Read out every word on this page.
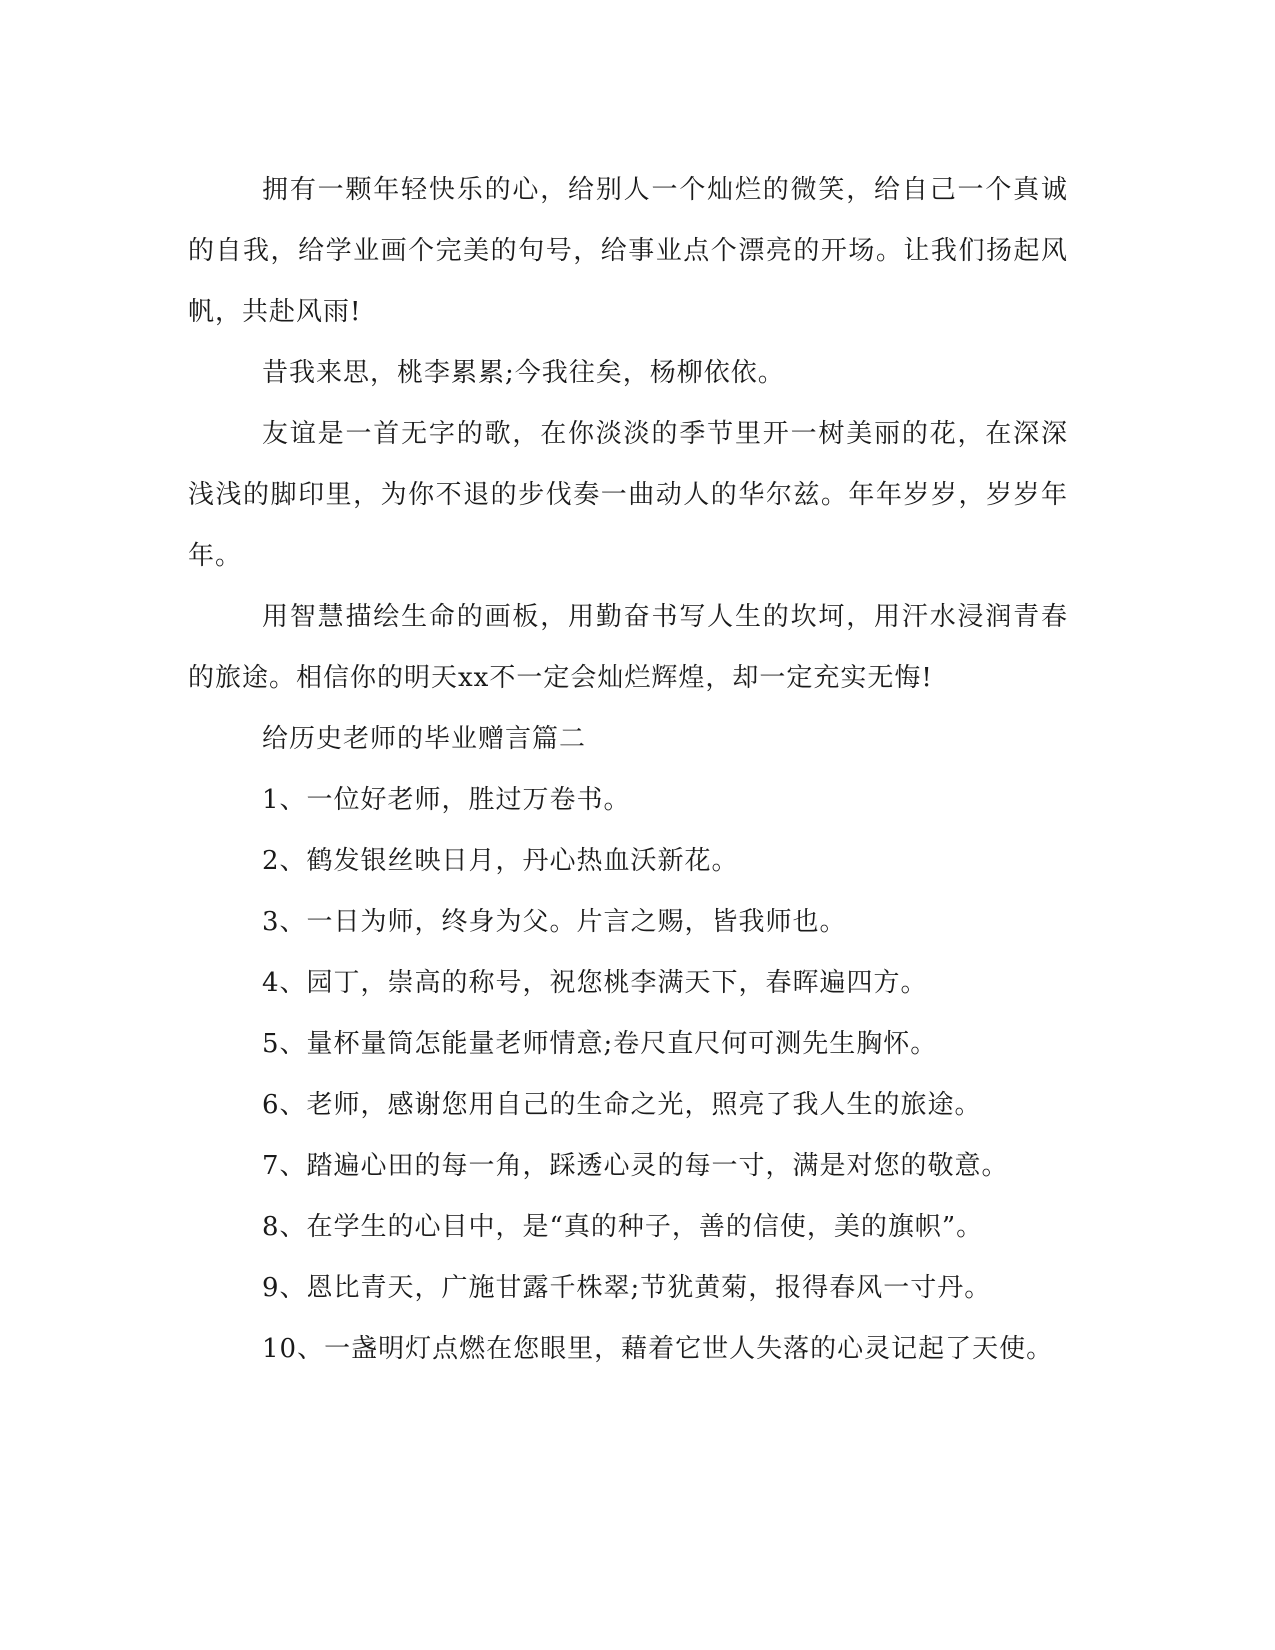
拥有一颗年轻快乐的心，给别人一个灿烂的微笑，给自己一个真诚的自我，给学业画个完美的句号，给事业点个漂亮的开场。让我们扬起风帆，共赴风雨!

昔我来思，桃李累累;今我往矣，杨柳依依。

友谊是一首无字的歌，在你淡淡的季节里开一树美丽的花，在深深浅浅的脚印里，为你不退的步伐奏一曲动人的华尔兹。年年岁岁，岁岁年年。

用智慧描绘生命的画板，用勤奋书写人生的坎坷，用汗水浸润青春的旅途。相信你的明天xx不一定会灿烂辉煌，却一定充实无悔!

给历史老师的毕业赠言篇二

1、一位好老师，胜过万卷书。

2、鹤发银丝映日月，丹心热血沃新花。

3、一日为师，终身为父。片言之赐，皆我师也。

4、园丁，崇高的称号，祝您桃李满天下，春晖遍四方。

5、量杯量筒怎能量老师情意;卷尺直尺何可测先生胸怀。

6、老师，感谢您用自己的生命之光，照亮了我人生的旅途。

7、踏遍心田的每一角，踩透心灵的每一寸，满是对您的敬意。

8、在学生的心目中，是“真的种子，善的信使，美的旗帜”。

9、恩比青天，广施甘露千株翠;节犹黄菊，报得春风一寸丹。

10、一盏明灯点燃在您眼里，藉着它世人失落的心灵记起了天使。
